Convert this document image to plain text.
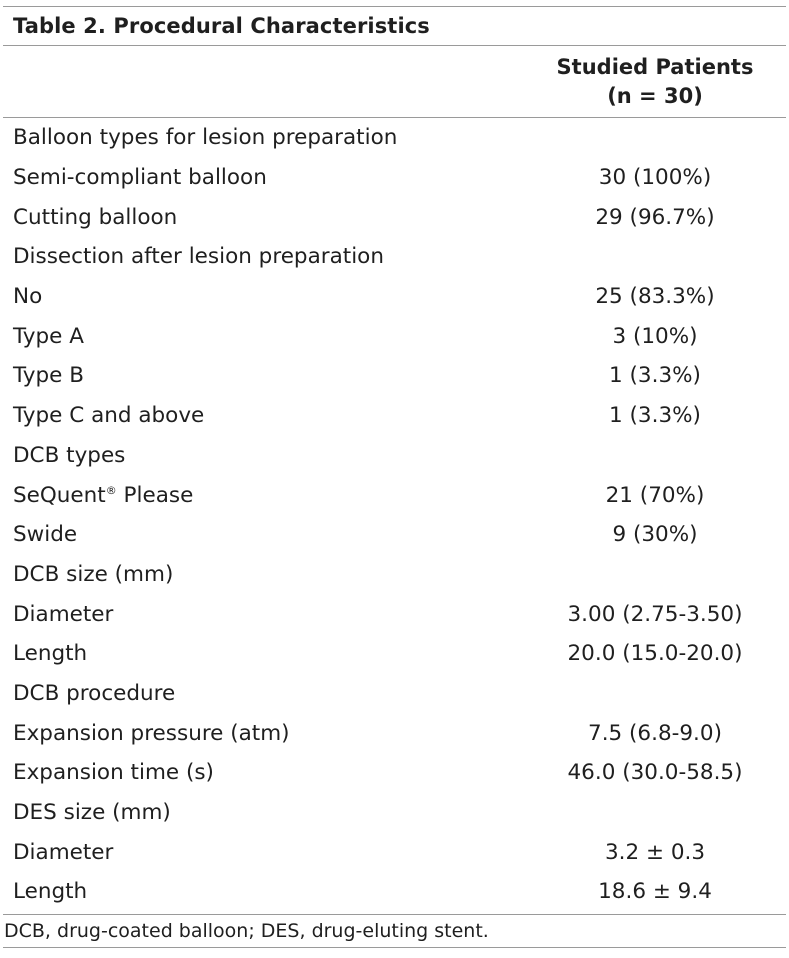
Table 2. Procedural Characteristics
Studied Patients
(n = 30)
Balloon types for lesion preparation
Semi-compliant balloon	30 (100%)
Cutting balloon	29 (96.7%)
Dissection after lesion preparation
No	25 (83.3%)
Type A	3 (10%)
Type B	1 (3.3%)
Type C and above	1 (3.3%)
DCB types
SeQuent® Please	21 (70%)
Swide	9 (30%)
DCB size (mm)
Diameter	3.00 (2.75-3.50)
Length	20.0 (15.0-20.0)
DCB procedure
Expansion pressure (atm)	7.5 (6.8-9.0)
Expansion time (s)	46.0 (30.0-58.5)
DES size (mm)
Diameter	3.2 ± 0.3
Length	18.6 ± 9.4
DCB, drug-coated balloon; DES, drug-eluting stent.
